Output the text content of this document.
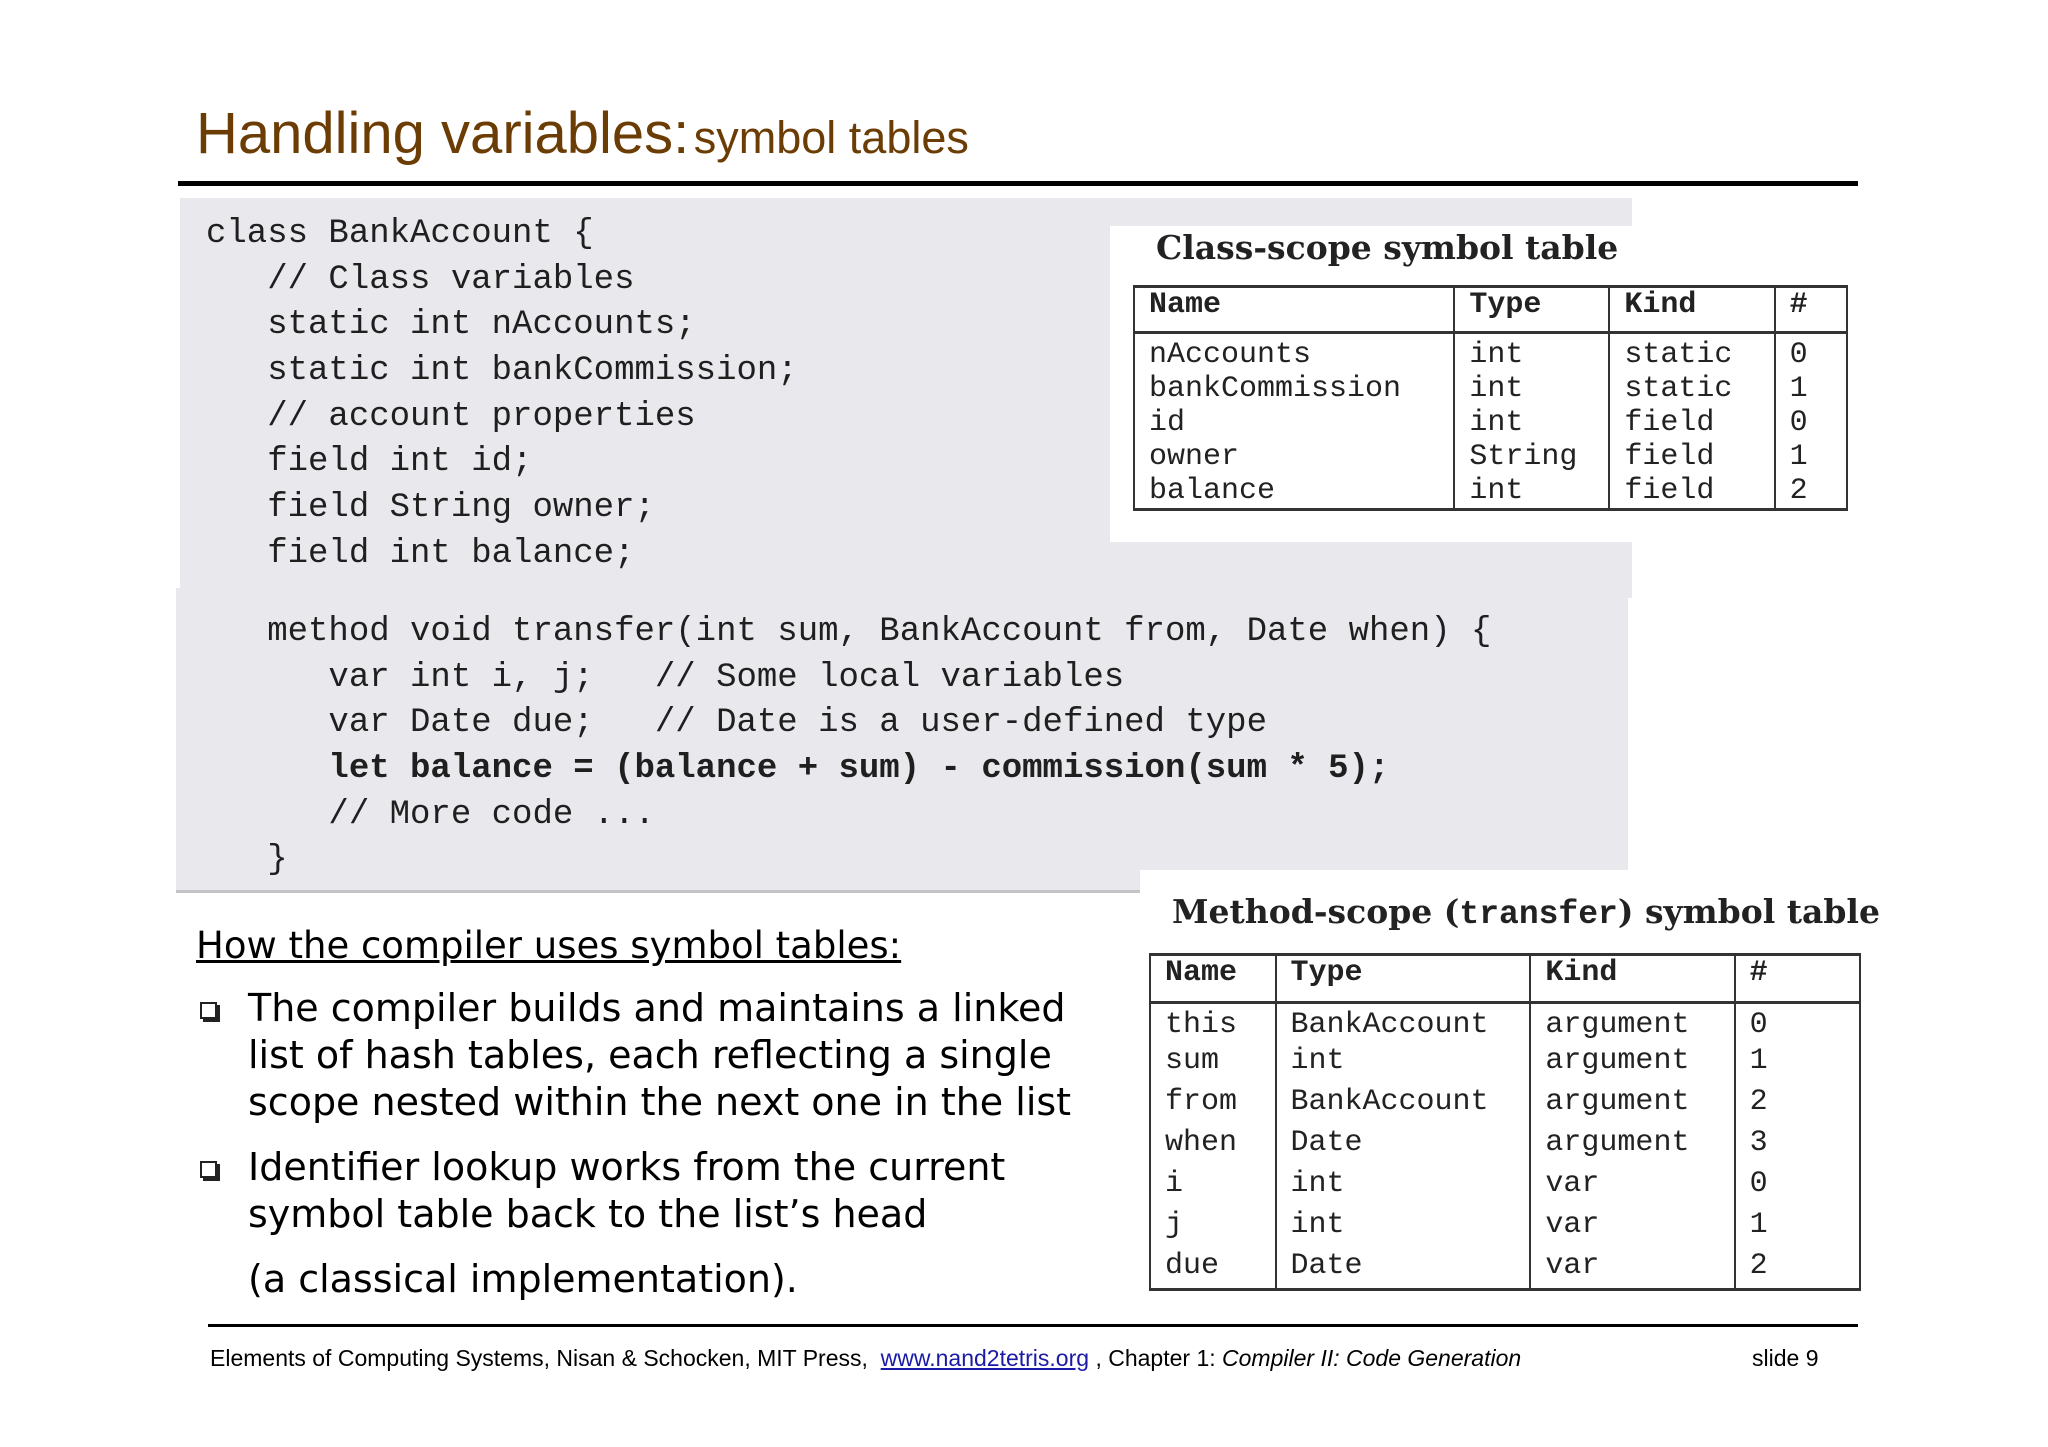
Handling variables: symbol tables
class BankAccount {
// Class variables
static int nAccounts;
static int bankCommission;
// account properties
field int id;
field String owner;
field int balance;
method void transfer(int sum, BankAccount from, Date when) {
var int i, j;   // Some local variables
var Date due;   // Date is a user-defined type
let balance = (balance + sum) - commission(sum * 5);
// More code ...
}
Class-scope symbol table
Name	Type	Kind	#
nAccounts	int	static	0
bankCommission	int	static	1
id	int	field	0
owner	String	field	1
balance	int	field	2
Method-scope (transfer) symbol table
Name	Type	Kind	#
this	BankAccount	argument	0
sum	int	argument	1
from	BankAccount	argument	2
when	Date	argument	3
i	int	var	0
j	int	var	1
due	Date	var	2
How the compiler uses symbol tables:
The compiler builds and maintains a linked list of hash tables, each reflecting a single scope nested within the next one in the list
Identifier lookup works from the current symbol table back to the list’s head
(a classical implementation).
Elements of Computing Systems, Nisan & Schocken, MIT Press, www.nand2tetris.org , Chapter 1: Compiler II: Code Generation	slide 9
